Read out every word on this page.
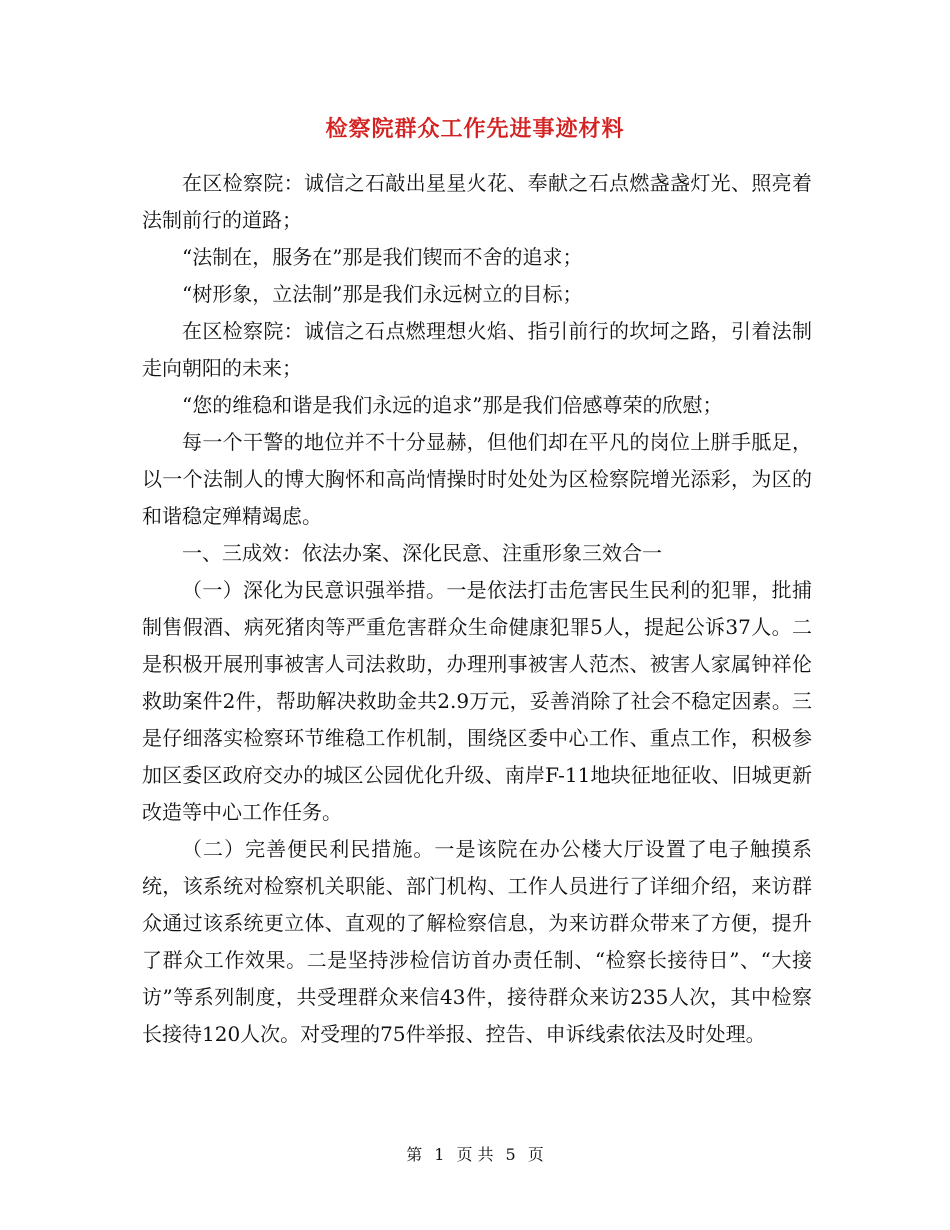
检察院群众工作先进事迹材料

在区检察院：诚信之石敲出星星火花、奉献之石点燃盏盏灯光、照亮着法制前行的道路；

“法制在，服务在”那是我们锲而不舍的追求；

“树形象，立法制”那是我们永远树立的目标；

在区检察院：诚信之石点燃理想火焰、指引前行的坎坷之路，引着法制走向朝阳的未来；

“您的维稳和谐是我们永远的追求”那是我们倍感尊荣的欣慰；

每一个干警的地位并不十分显赫，但他们却在平凡的岗位上胼手胝足，以一个法制人的博大胸怀和高尚情操时时处处为区检察院增光添彩，为区的和谐稳定殚精竭虑。

一、三成效：依法办案、深化民意、注重形象三效合一

（一）深化为民意识强举措。一是依法打击危害民生民利的犯罪，批捕制售假酒、病死猪肉等严重危害群众生命健康犯罪5人，提起公诉37人。二是积极开展刑事被害人司法救助，办理刑事被害人范杰、被害人家属钟祥伦救助案件2件，帮助解决救助金共2.9万元，妥善消除了社会不稳定因素。三是仔细落实检察环节维稳工作机制，围绕区委中心工作、重点工作，积极参加区委区政府交办的城区公园优化升级、南岸F-11地块征地征收、旧城更新改造等中心工作任务。

（二）完善便民利民措施。一是该院在办公楼大厅设置了电子触摸系统，该系统对检察机关职能、部门机构、工作人员进行了详细介绍，来访群众通过该系统更立体、直观的了解检察信息，为来访群众带来了方便，提升了群众工作效果。二是坚持涉检信访首办责任制、“检察长接待日”、“大接访”等系列制度，共受理群众来信43件，接待群众来访235人次，其中检察长接待120人次。对受理的75件举报、控告、申诉线索依法及时处理。

第 1 页 共 5 页
